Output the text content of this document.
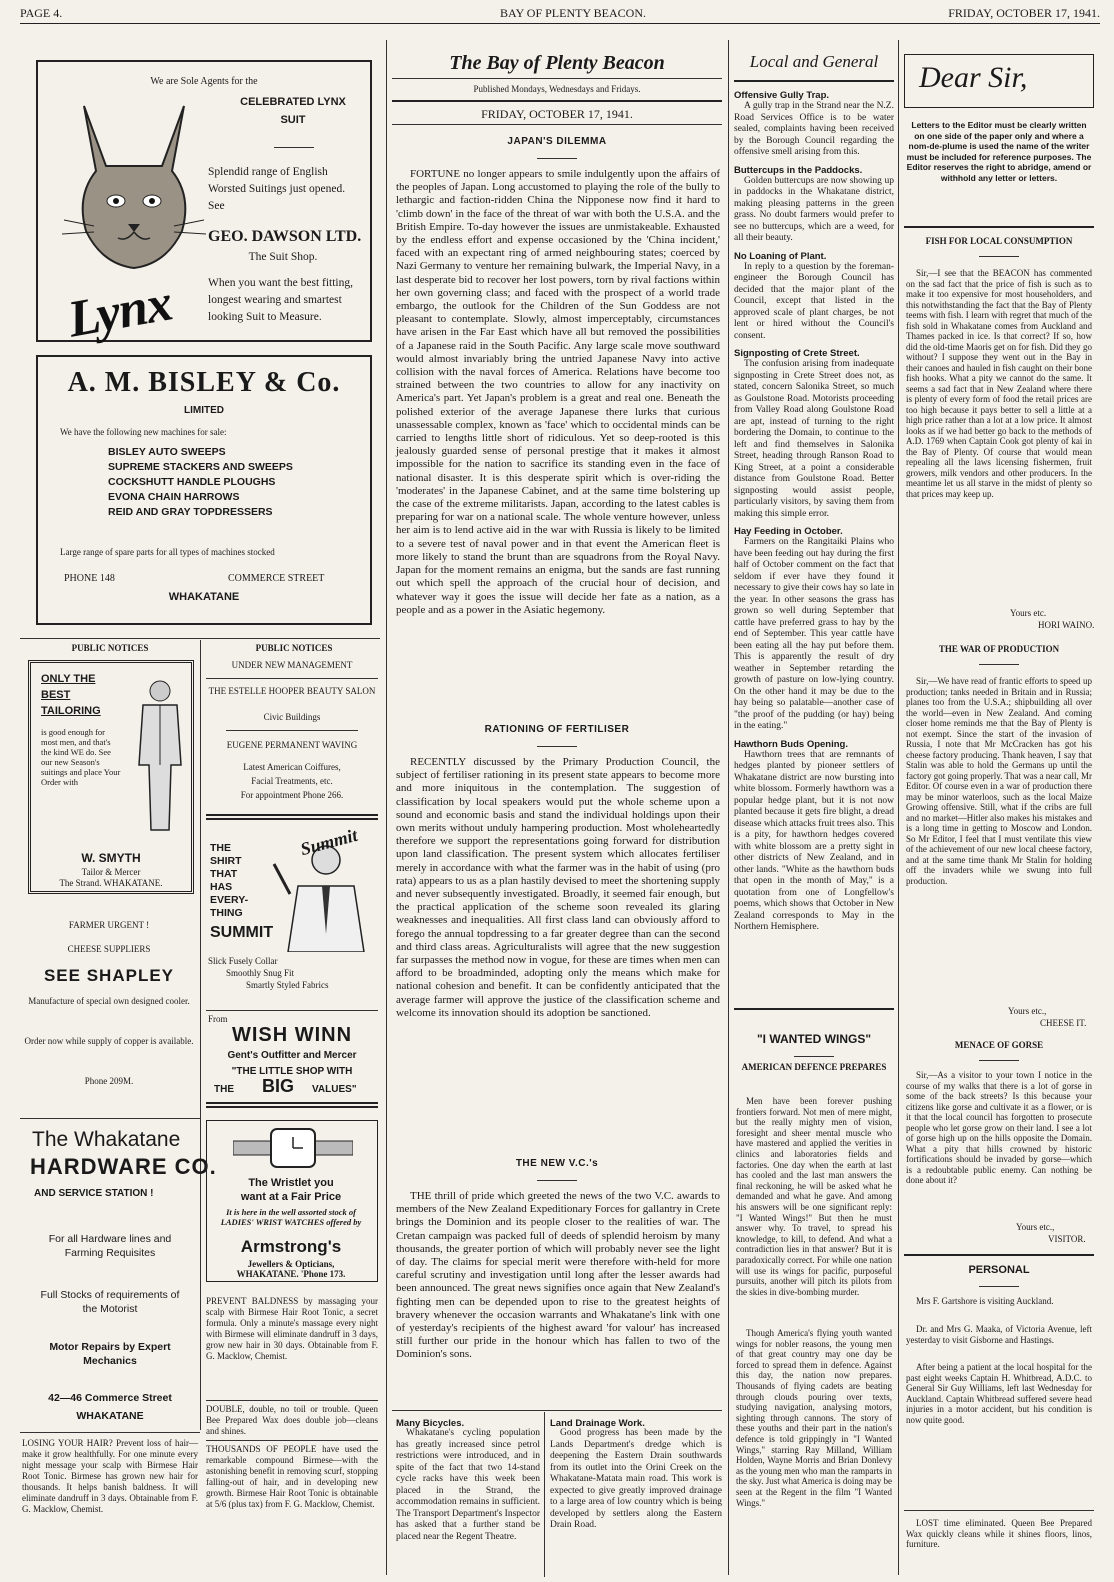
PAGE 4.	BAY OF PLENTY BEACON.	FRIDAY, OCTOBER 17, 1941.
We are Sole Agents for the
Lynx
CELEBRATED LYNX
SUIT
Splendid range of English Worsted Suitings just opened. See
GEO. DAWSON LTD.
The Suit Shop.
When you want the best fitting, longest wearing and smartest looking Suit to Measure.
A. M. BISLEY & Co.
LIMITED
We have the following new machines for sale:
BISLEY AUTO SWEEPS
SUPREME STACKERS AND SWEEPS
COCKSHUTT HANDLE PLOUGHS
EVONA CHAIN HARROWS
REID AND GRAY TOPDRESSERS
Large range of spare parts for all types of machines stocked
PHONE 148	COMMERCE STREET
WHAKATANE
PUBLIC NOTICES	PUBLIC NOTICES
ONLY THE
BEST
TAILORING
is good enough for most men, and that's the kind WE do. See our new Season's suitings and place Your Order with
W. SMYTH
Tailor & Mercer
The Strand. WHAKATANE.
FARMER URGENT !
CHEESE SUPPLIERS
SEE SHAPLEY
Manufacture of special own designed cooler.
Order now while supply of copper is available.
Phone 209M.
UNDER NEW MANAGEMENT
THE ESTELLE HOOPER BEAUTY SALON
Civic Buildings
EUGENE PERMANENT WAVING
Latest American Coiffures,
Facial Treatments, etc.
For appointment Phone 266.
THE
SHIRT
THAT
HAS
EVERY-
THING
SUMMIT
Summit
Slick Fusely Collar
Smoothly Snug Fit
Smartly Styled Fabrics
From
WISH WINN
Gent's Outfitter and Mercer
"THE LITTLE SHOP WITH
THE BIG VALUES"
The Whakatane
HARDWARE CO.
AND SERVICE STATION !
For all Hardware lines and Farming Requisites
Full Stocks of requirements of the Motorist
Motor Repairs by Expert Mechanics
42—46 Commerce Street
WHAKATANE
The Wristlet you
want at a Fair Price
It is here in the well assorted stock of LADIES' WRIST WATCHES offered by
Armstrong's
Jewellers & Opticians,
WHAKATANE. 'Phone 173.
PREVENT BALDNESS by massaging your scalp with Birmese Hair Root Tonic, a secret formula. Only a minute's massage every night with Birmese will eliminate dandruff in 3 days, grow new hair in 30 days. Obtainable from F. G. Macklow, Chemist.
DOUBLE, double, no toil or trouble. Queen Bee Prepared Wax does double job—cleans and shines.
THOUSANDS OF PEOPLE have used the remarkable compound Birmese—with the astonishing benefit in removing scurf, stopping falling-out of hair, and in developing new growth. Birmese Hair Root Tonic is obtainable at 5/6 (plus tax) from F. G. Macklow, Chemist.
LOSING YOUR HAIR? Prevent loss of hair—make it grow healthfully. For one minute every night message your scalp with Birmese Hair Root Tonic. Birmese has grown new hair for thousands. It helps banish baldness. It will eliminate dandruff in 3 days. Obtainable from F. G. Macklow, Chemist.
The Bay of Plenty Beacon
Published Mondays, Wednesdays and Fridays.
FRIDAY, OCTOBER 17, 1941.
JAPAN'S DILEMMA
FORTUNE no longer appears to smile indulgently upon the affairs of the peoples of Japan. Long accustomed to playing the role of the bully to lethargic and faction-ridden China the Nipponese now find it hard to 'climb down' in the face of the threat of war with both the U.S.A. and the British Empire. To-day however the issues are unmistakeable. Exhausted by the endless effort and expense occasioned by the 'China incident,' faced with an expectant ring of armed neighbouring states; coerced by Nazi Germany to venture her remaining bulwark, the Imperial Navy, in a last desperate bid to recover her lost powers, torn by rival factions within her own governing class; and faced with the prospect of a world trade embargo, the outlook for the Children of the Sun Goddess are not pleasant to contemplate. Slowly, almost imperceptably, circumstances have arisen in the Far East which have all but removed the possibilities of a Japanese raid in the South Pacific. Any large scale move southward would almost invariably bring the untried Japanese Navy into active collision with the naval forces of America. Relations have become too strained between the two countries to allow for any inactivity on America's part. Yet Japan's problem is a great and real one. Beneath the polished exterior of the average Japanese there lurks that curious unassessable complex, known as 'face' which to occidental minds can be carried to lengths little short of ridiculous. Yet so deep-rooted is this jealously guarded sense of personal prestige that it makes it almost impossible for the nation to sacrifice its standing even in the face of national disaster. It is this desperate spirit which is over-riding the 'moderates' in the Japanese Cabinet, and at the same time bolstering up the case of the extreme militarists. Japan, according to the latest cables is preparing for war on a national scale. The whole venture however, unless her aim is to lend active aid in the war with Russia is likely to be limited to a severe test of naval power and in that event the American fleet is more likely to stand the brunt than are squadrons from the Royal Navy. Japan for the moment remains an enigma, but the sands are fast running out which spell the approach of the crucial hour of decision, and whatever way it goes the issue will decide her fate as a nation, as a people and as a power in the Asiatic hegemony.
RATIONING OF FERTILISER
RECENTLY discussed by the Primary Production Council, the subject of fertiliser rationing in its present state appears to become more and more iniquitous in the contemplation. The suggestion of classification by local speakers would put the whole scheme upon a sound and economic basis and stand the individual holdings upon their own merits without unduly hampering production. Most wholeheartedly therefore we support the representations going forward for distribution upon land classification. The present system which allocates fertiliser merely in accordance with what the farmer was in the habit of using (pro rata) appears to us as a plan hastily devised to meet the shortening supply and never subsequently investigated. Broadly, it seemed fair enough, but the practical application of the scheme soon revealed its glaring weaknesses and inequalities. All first class land can obviously afford to forego the annual topdressing to a far greater degree than can the second and third class areas. Agriculturalists will agree that the new suggestion far surpasses the method now in vogue, for these are times when men can afford to be broadminded, adopting only the means which make for national cohesion and benefit. It can be confidently anticipated that the average farmer will approve the justice of the classification scheme and welcome its innovation should its adoption be sanctioned.
THE NEW V.C.'s
THE thrill of pride which greeted the news of the two V.C. awards to members of the New Zealand Expeditionary Forces for gallantry in Crete brings the Dominion and its people closer to the realities of war. The Cretan campaign was packed full of deeds of splendid heroism by many thousands, the greater portion of which will probably never see the light of day. The claims for special merit were therefore with-held for more careful scrutiny and investigation until long after the lesser awards had been announced. The great news signifies once again that New Zealand's fighting men can be depended upon to rise to the greatest heights of bravery whenever the occasion warrants and Whakatane's link with one of yesterday's recipients of the highest award 'for valour' has increased still further our pride in the honour which has fallen to two of the Dominion's sons.
Many Bicycles.
Whakatane's cycling population has greatly increased since petrol restrictions were introduced, and in spite of the fact that two 14-stand cycle racks have this week been placed in the Strand, the accommodation remains in sufficient. The Transport Department's Inspector has asked that a further stand be placed near the Regent Theatre.
Land Drainage Work.
Good progress has been made by the Lands Department's dredge which is deepening the Eastern Drain southwards from its outlet into the Orini Creek on the Whakatane-Matata main road. This work is expected to give greatly improved drainage to a large area of low country which is being developed by settlers along the Eastern Drain Road.
Local and General
Offensive Gully Trap.
A gully trap in the Strand near the N.Z. Road Services Office is to be water sealed, complaints having been received by the Borough Council regarding the offensive smell arising from this.
Buttercups in the Paddocks.
Golden buttercups are now showing up in paddocks in the Whakatane district, making pleasing patterns in the green grass. No doubt farmers would prefer to see no buttercups, which are a weed, for all their beauty.
No Loaning of Plant.
In reply to a question by the foreman-engineer the Borough Council has decided that the major plant of the Council, except that listed in the approved scale of plant charges, be not lent or hired without the Council's consent.
Signposting of Crete Street.
The confusion arising from inadequate signposting in Crete Street does not, as stated, concern Salonika Street, so much as Goulstone Road. Motorists proceeding from Valley Road along Goulstone Road are apt, instead of turning to the right bordering the Domain, to continue to the left and find themselves in Salonika Street, heading through Ranson Road to King Street, at a point a considerable distance from Goulstone Road. Better signposting would assist people, particularly visitors, by saving them from making this simple error.
Hay Feeding in October.
Farmers on the Rangitaiki Plains who have been feeding out hay during the first half of October comment on the fact that seldom if ever have they found it necessary to give their cows hay so late in the year. In other seasons the grass has grown so well during September that cattle have preferred grass to hay by the end of September. This year cattle have been eating all the hay put before them. This is apparently the result of dry weather in September retarding the growth of pasture on low-lying country. On the other hand it may be due to the hay being so palatable—another case of "the proof of the pudding (or hay) being in the eating."
Hawthorn Buds Opening.
Hawthorn trees that are remnants of hedges planted by pioneer settlers of Whakatane district are now bursting into white blossom. Formerly hawthorn was a popular hedge plant, but it is not now planted because it gets fire blight, a dread disease which attacks fruit trees also. This is a pity, for hawthorn hedges covered with white blossom are a pretty sight in other districts of New Zealand, and in other lands. "White as the hawthorn buds that open in the month of May," is a quotation from one of Longfellow's poems, which shows that October in New Zealand corresponds to May in the Northern Hemisphere.
"I WANTED WINGS"
AMERICAN DEFENCE PREPARES
Men have been forever pushing frontiers forward. Not men of mere might, but the really mighty men of vision, foresight and sheer mental muscle who have mastered and applied the verities in clinics and laboratories fields and factories. One day when the earth at last has cooled and the last man answers the final reckoning, he will be asked what he demanded and what he gave. And among his answers will be one significant reply: "I Wanted Wings!" But then he must answer why. To travel, to spread his knowledge, to kill, to defend. And what a contradiction lies in that answer? But it is paradoxically correct. For while one nation will use its wings for pacific, purposeful pursuits, another will pitch its pilots from the skies in dive-bombing murder.
Though America's flying youth wanted wings for nobler reasons, the young men of that great country may one day be forced to spread them in defence. Against this day, the nation now prepares. Thousands of flying cadets are beating through clouds pouring over texts, studying navigation, analysing motors, sighting through cannons. The story of these youths and their part in the nation's defence is told grippingly in "I Wanted Wings," starring Ray Milland, William Holden, Wayne Morris and Brian Donlevy as the young men who man the ramparts in the sky. Just what America is doing may be seen at the Regent in the film "I Wanted Wings."
Dear Sir,
Letters to the Editor must be clearly written on one side of the paper only and where a nom-de-plume is used the name of the writer must be included for reference purposes. The Editor reserves the right to abridge, amend or withhold any letter or letters.
FISH FOR LOCAL CONSUMPTION
Sir,—I see that the BEACON has commented on the sad fact that the price of fish is such as to make it too expensive for most householders, and this notwithstanding the fact that the Bay of Plenty teems with fish. I learn with regret that much of the fish sold in Whakatane comes from Auckland and Thames packed in ice. Is that correct? If so, how did the old-time Maoris get on for fish. Did they go without? I suppose they went out in the Bay in their canoes and hauled in fish caught on their bone fish hooks. What a pity we cannot do the same. It seems a sad fact that in New Zealand where there is plenty of every form of food the retail prices are too high because it pays better to sell a little at a high price rather than a lot at a low price. It almost looks as if we had better go back to the methods of A.D. 1769 when Captain Cook got plenty of kai in the Bay of Plenty. Of course that would mean repealing all the laws licensing fishermen, fruit growers, milk vendors and other producers. In the meantime let us all starve in the midst of plenty so that prices may keep up.
Yours etc.
HORI WAINO.
THE WAR OF PRODUCTION
Sir,—We have read of frantic efforts to speed up production; tanks needed in Britain and in Russia; planes too from the U.S.A.; shipbuilding all over the world—even in New Zealand. And coming closer home reminds me that the Bay of Plenty is not exempt. Since the start of the invasion of Russia, I note that Mr McCracken has got his cheese factory producing. Thank heaven, I say that Stalin was able to hold the Germans up until the factory got going properly. That was a near call, Mr Editor. Of course even in a war of production there may be minor waterloos, such as the local Maize Growing offensive. Still, what if the cribs are full and no market—Hitler also makes his mistakes and is a long time in getting to Moscow and London. So Mr Editor, I feel that I must ventilate this view of the achievement of our new local cheese factory, and at the same time thank Mr Stalin for holding off the invaders while we swung into full production.
Yours etc.,
CHEESE IT.
MENACE OF GORSE
Sir,—As a visitor to your town I notice in the course of my walks that there is a lot of gorse in some of the back streets? Is this because your citizens like gorse and cultivate it as a flower, or is it that the local council has forgotten to prosecute people who let gorse grow on their land. I see a lot of gorse high up on the hills opposite the Domain. What a pity that hills crowned by historic fortifications should be invaded by gorse—which is a redoubtable public enemy. Can nothing be done about it?
Yours etc.,
VISITOR.
PERSONAL
Mrs F. Gartshore is visiting Auckland.
Dr. and Mrs G. Maaka, of Victoria Avenue, left yesterday to visit Gisborne and Hastings.
After being a patient at the local hospital for the past eight weeks Captain H. Whitbread, A.D.C. to General Sir Guy Williams, left last Wednesday for Auckland. Captain Whitbread suffered severe head injuries in a motor accident, but his condition is now quite good.
LOST time eliminated. Queen Bee Prepared Wax quickly cleans while it shines floors, linos, furniture.
